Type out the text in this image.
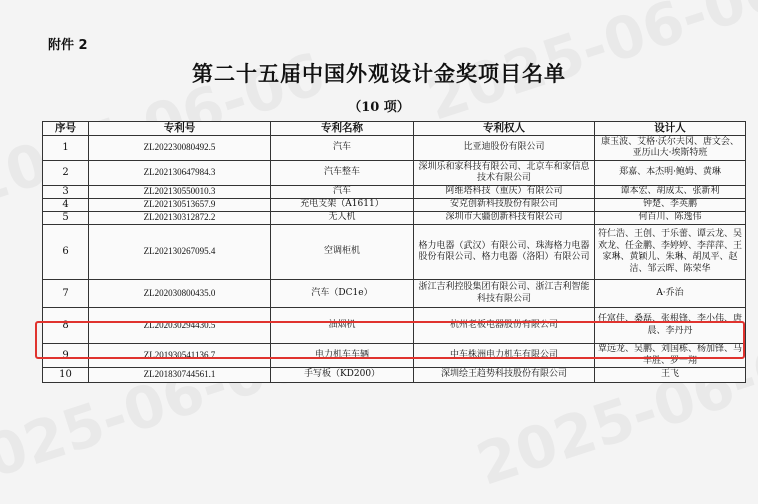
附件 2
第二十五届中国外观设计金奖项目名单
（10 项）
序号	专利号	专利名称	专利权人	设计人
1	ZL202230080492.5	汽车	比亚迪股份有限公司	康玉波、艾格·沃尔夫冈、唐文会、亚历山大·埃斯特班
2	ZL202130647984.3	汽车整车	深圳乐和家科技有限公司、北京车和家信息技术有限公司	郑嘉、本杰明·鲍姆、黄琳
3	ZL202130550010.3	汽车	阿维塔科技（重庆）有限公司	谭本宏、胡成太、张新利
4	ZL202130513657.9	充电支架（A1611）	安克创新科技股份有限公司	钟楚、李英鹏
5	ZL202130312872.2	无人机	深圳市大疆创新科技有限公司	何百川、陈逸伟
6	ZL202130267095.4	空调柜机	格力电器（武汉）有限公司、珠海格力电器股份有限公司、格力电器（洛阳）有限公司	符仁浩、王创、于乐蕾、谭云龙、吴欢龙、任金鹏、李婷婷、李萍萍、王家琳、黄颖儿、朱琳、胡凤平、赵洁、邹云晖、陈荣华
7	ZL202030800435.0	汽车（DC1e）	浙江吉利控股集团有限公司、浙江吉利智能科技有限公司	A·乔治
8	ZL202030294430.5	油烟机	杭州老板电器股份有限公司	任富佳、桑磊、张根锋、李小伟、唐晨、李丹丹
9	ZL201930541136.7	电力机车车辆	中车株洲电力机车有限公司	覃远龙、吴鹏、刘国栋、杨加锋、马丰胜、罗一翔
10	ZL201830744561.1	手写板（KD200）	深圳绘王趋势科技股份有限公司	王飞
